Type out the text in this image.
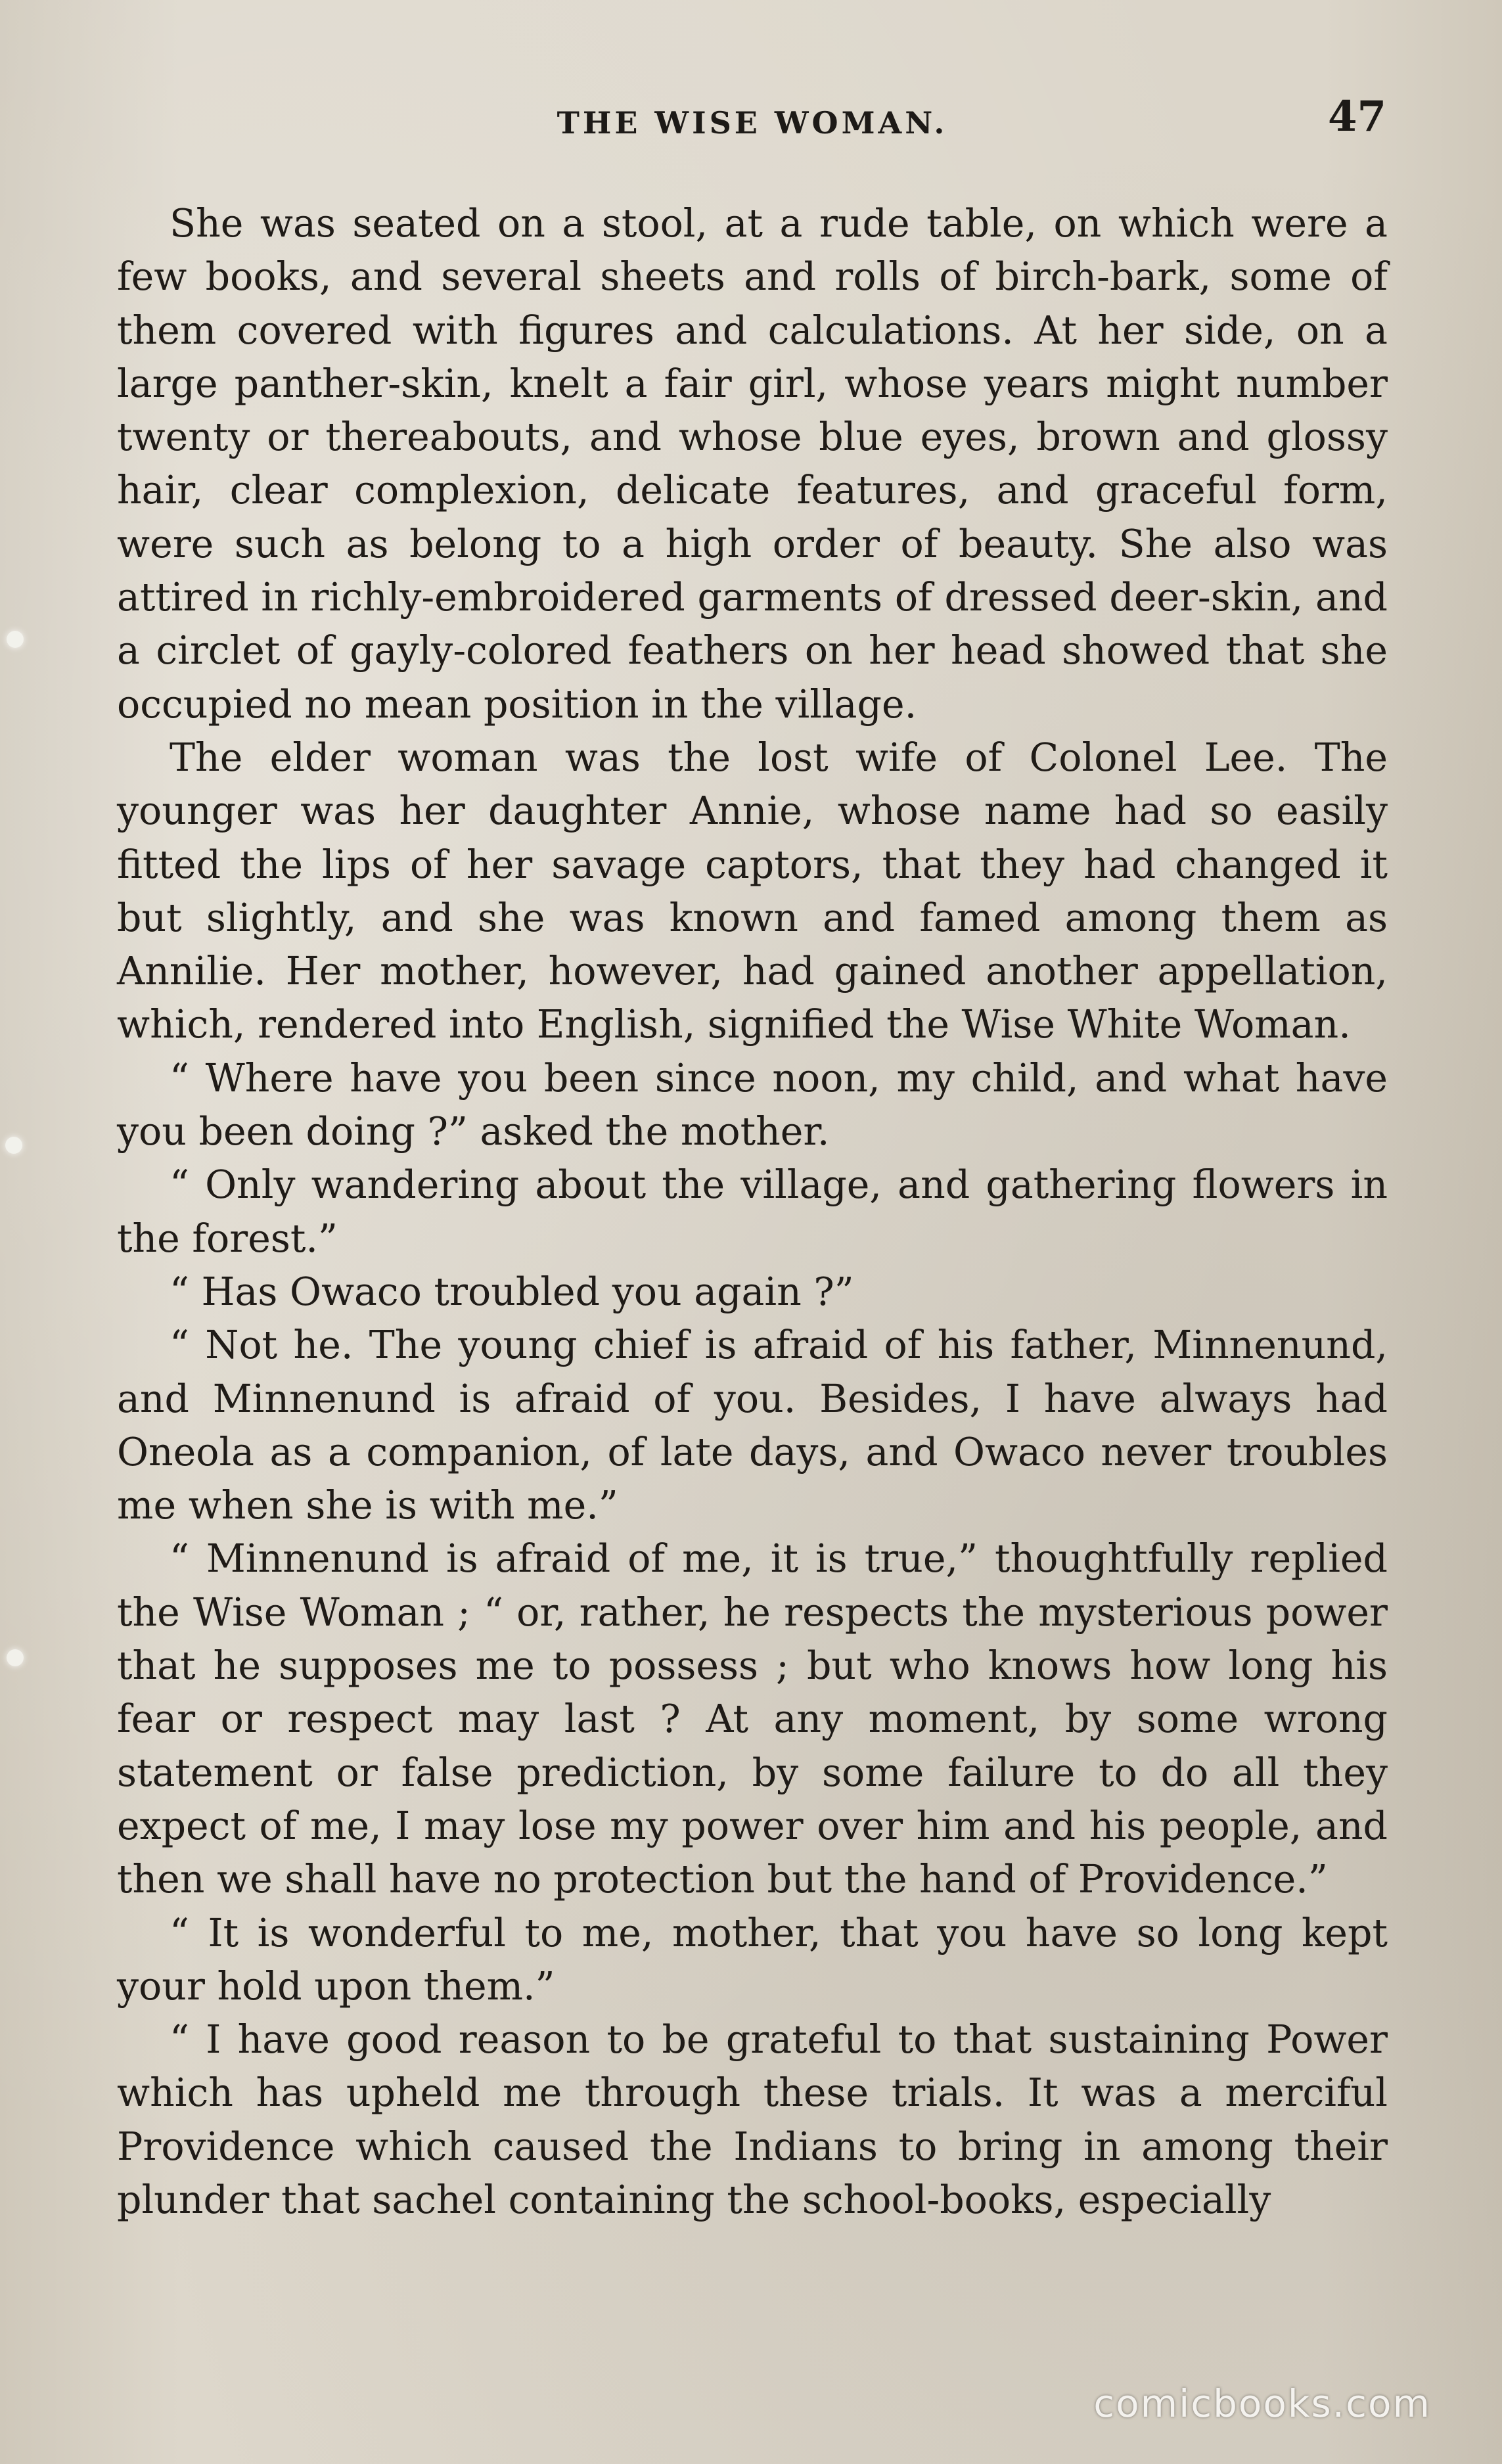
THE WISE WOMAN.	47

She was seated on a stool, at a rude table, on which were a few books, and several sheets and rolls of birch-bark, some of them covered with figures and calculations. At her side, on a large panther-skin, knelt a fair girl, whose years might number twenty or thereabouts, and whose blue eyes, brown and glossy hair, clear complexion, delicate features, and graceful form, were such as belong to a high order of beauty. She also was attired in richly-embroidered garments of dressed deer-skin, and a circlet of gayly-colored feathers on her head showed that she occupied no mean position in the village.

The elder woman was the lost wife of Colonel Lee. The younger was her daughter Annie, whose name had so easily fitted the lips of her savage captors, that they had changed it but slightly, and she was known and famed among them as Annilie. Her mother, however, had gained another appellation, which, rendered into English, signified the Wise White Woman.

“ Where have you been since noon, my child, and what have you been doing ?” asked the mother.

“ Only wandering about the village, and gathering flowers in the forest.”

“ Has Owaco troubled you again ?”

“ Not he. The young chief is afraid of his father, Minnenund, and Minnenund is afraid of you. Besides, I have always had Oneola as a companion, of late days, and Owaco never troubles me when she is with me.”

“ Minnenund is afraid of me, it is true,” thoughtfully replied the Wise Woman ; “ or, rather, he respects the mysterious power that he supposes me to possess ; but who knows how long his fear or respect may last ? At any moment, by some wrong statement or false prediction, by some failure to do all they expect of me, I may lose my power over him and his people, and then we shall have no protection but the hand of Providence.”

“ It is wonderful to me, mother, that you have so long kept your hold upon them.”

“ I have good reason to be grateful to that sustaining Power which has upheld me through these trials. It was a merciful Providence which caused the Indians to bring in among their plunder that sachel containing the school-books, especially

comicbooks.com
